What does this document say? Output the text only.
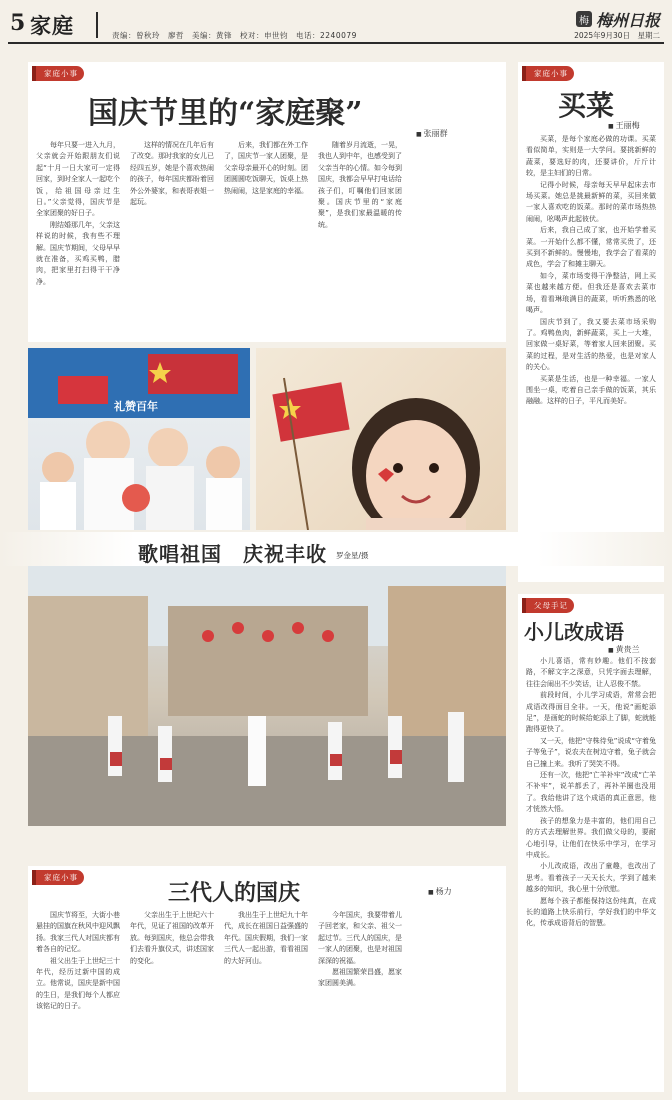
5 家庭	责编：曾秋玲　廖哲　美编：黄锋　校对：申世钧　电话：2240079
梅 梅州日报
2025年9月30日　星期二
家庭小事
国庆节里的“家庭聚”
■ 张丽群

每年只要一进入九月，父亲就会开始跟朋友们说起“十月一日大家可一定得回家，到时全家人一起吃个饭，给祖国母亲过生日。”父亲觉得，国庆节是全家团聚的好日子。

刚结婚那几年，父亲这样说的时候，我有些不理解。国庆节期间，父母早早就在准备，买鸡买鸭，腊肉，把家里打扫得干干净净。

这样的情况在几年后有了改变。那时我家的女儿已经四五岁，她是个喜欢热闹的孩子，每年国庆都盼着回外公外婆家，和表哥表姐一起玩。

后来，我们都在外工作了，国庆节一家人团聚，是父亲母亲最开心的时刻。团团圆圆吃饭聊天，饭桌上热热闹闹，这是家庭的幸福。

随着岁月流逝，一晃，我也人到中年，也感受到了父亲当年的心情。如今每到国庆，我都会早早打电话给孩子们，叮嘱他们回家团聚。国庆节里的“家庭聚”，是我们家最温暖的传统。

家庭小事
买菜
■ 王丽梅

买菜，是每个家庭必做的功课。买菜看似简单，实则是一大学问。要挑新鲜的蔬菜，要选好的肉，还要讲价，斤斤计较，是主妇们的日常。

记得小时候，母亲每天早早起床去市场买菜。她总是挑最新鲜的菜，买回来做一家人喜欢吃的饭菜。那时的菜市场热热闹闹，吆喝声此起彼伏。

后来，我自己成了家，也开始学着买菜。一开始什么都不懂，常常买贵了，还买到不新鲜的。慢慢地，我学会了看菜的成色，学会了和摊主聊天。

如今，菜市场变得干净整洁，网上买菜也越来越方便。但我还是喜欢去菜市场，看看琳琅满目的蔬菜，听听熟悉的吆喝声。

国庆节到了，我又要去菜市场采购了。鸡鸭鱼肉，新鲜蔬菜，买上一大堆，回家做一桌好菜，等着家人回来团聚。买菜的过程，是对生活的热爱，也是对家人的关心。

买菜是生活，也是一种幸福。一家人围坐一桌，吃着自己亲手做的饭菜，其乐融融。这样的日子，平凡而美好。

礼赞百年
歌唱祖国　庆祝丰收 罗金星/摄
父母手记
小儿改成语
■ 黄贵兰

小儿喜语，常有妙趣。他们不按套路，不解文字之深意，只凭字面去理解，往往会闹出不少笑话，让人忍俊不禁。

前段时间，小儿学习成语，常常会把成语改得面目全非。一天，他说“画蛇添足”，是画蛇的时候给蛇添上了脚，蛇就能跑得更快了。

又一天，他把“守株待兔”说成“守着兔子等兔子”，说农夫在树边守着，兔子就会自己撞上来。我听了哭笑不得。

还有一次，他把“亡羊补牢”改成“亡羊不补牢”，说羊都丢了，再补羊圈也没用了。我给他讲了这个成语的真正意思，他才恍然大悟。

孩子的想象力是丰富的，他们用自己的方式去理解世界。我们做父母的，要耐心地引导，让他们在快乐中学习，在学习中成长。

小儿改成语，改出了童趣，也改出了思考。看着孩子一天天长大，学到了越来越多的知识，我心里十分欣慰。

愿每个孩子都能保持这份纯真，在成长的道路上快乐前行，学好我们的中华文化，传承成语背后的智慧。

家庭小事
三代人的国庆
■	杨力

国庆节将至，大街小巷悬挂的国旗在秋风中迎风飘扬。我家三代人对国庆都有着各自的记忆。

祖父出生于上世纪三十年代，经历过新中国的成立。他常说，国庆是新中国的生日，是我们每个人都应该铭记的日子。

父亲出生于上世纪六十年代，见证了祖国的改革开放。每到国庆，他总会带我们去看升旗仪式，讲述国家的变化。

我出生于上世纪九十年代，成长在祖国日益强盛的年代。国庆假期，我们一家三代人一起出游，看看祖国的大好河山。

今年国庆，我要带着儿子回老家，和父亲、祖父一起过节。三代人的国庆，是一家人的团聚，也是对祖国深深的祝福。

愿祖国繁荣昌盛，愿家家团圆美满。
